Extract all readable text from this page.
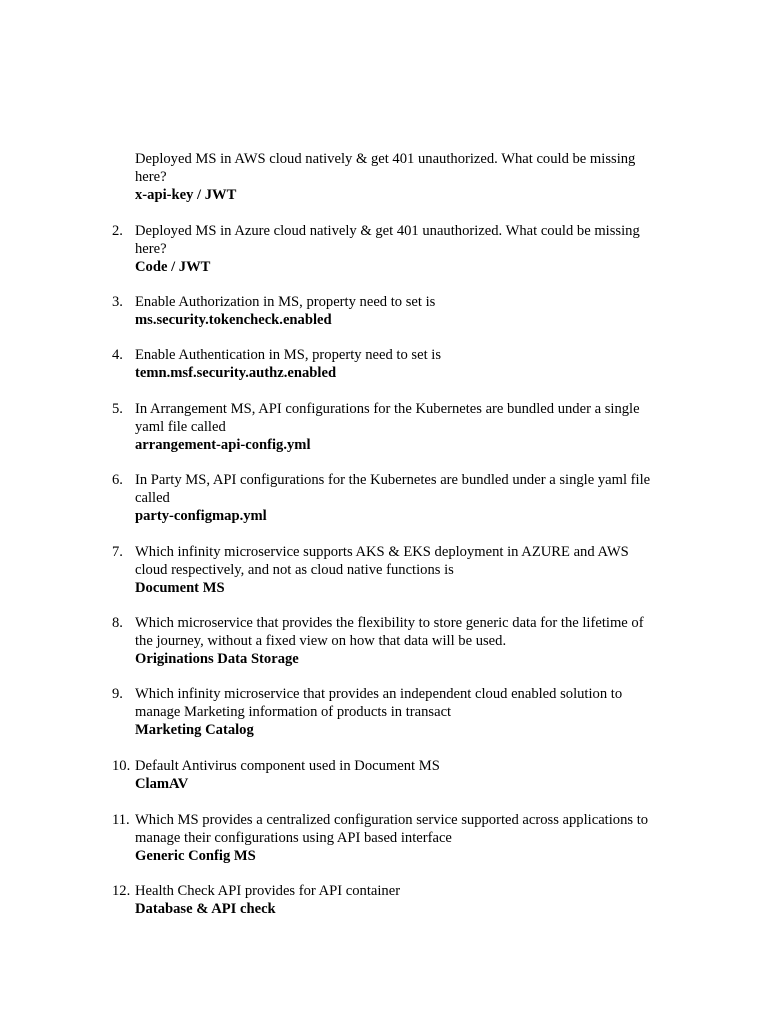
Deployed MS in AWS cloud natively & get 401 unauthorized. What could be missing
here?
x-api-key / JWT
2. Deployed MS in Azure cloud natively & get 401 unauthorized. What could be missing
here?
Code / JWT
3. Enable Authorization in MS, property need to set is
ms.security.tokencheck.enabled
4. Enable Authentication in MS, property need to set is
temn.msf.security.authz.enabled
5. In Arrangement MS, API configurations for the Kubernetes are bundled under a single
yaml file called
arrangement-api-config.yml
6. In Party MS, API configurations for the Kubernetes are bundled under a single yaml file
called
party-configmap.yml
7. Which infinity microservice supports AKS & EKS deployment in AZURE and AWS
cloud respectively, and not as cloud native functions is
Document MS
8. Which microservice that provides the flexibility to store generic data for the lifetime of
the journey, without a fixed view on how that data will be used.
Originations Data Storage
9. Which infinity microservice that provides an independent cloud enabled solution to
manage Marketing information of products in transact
Marketing Catalog
10. Default Antivirus component used in Document MS
ClamAV
11. Which MS provides a centralized configuration service supported across applications to
manage their configurations using API based interface
Generic Config MS
12. Health Check API provides for API container
Database & API check
